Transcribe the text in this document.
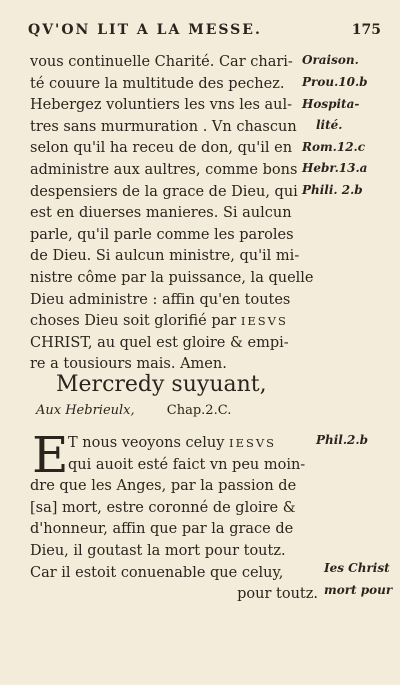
QV'ON LIT A LA MESSE.	175
vous continuelle Charité. Car chari-
té couure la multitude des pechez.
Hebergez voluntiers les vns les aul-
tres sans murmuration . Vn chascun
selon qu'il ha receu de don, qu'il en
administre aux aultres, comme bons
despensiers de la grace de Dieu, qui
est en diuerses manieres. Si aulcun
parle, qu'il parle comme les paroles
de Dieu. Si aulcun ministre, qu'il mi-
nistre côme par la puissance, la quelle
Dieu administre : affin qu'en toutes
choses Dieu soit glorifié par IESVS
CHRIST, au quel est gloire & empi-
re a tousiours mais. Amen.
Oraison.
Prou.10.b
Hospita-
lité.
Rom.12.c
Hebr.13.a
Phili. 2.b
Mercredy suyuant,
Aux Hebrieulx, Chap.2.C.
E T nous veoyons celuy IESVS
qui auoit esté faict vn peu moin-
dre que les Anges, par la passion de
[sa] mort, estre coronné de gloire &
d'honneur, affin que par la grace de
Dieu, il goutast la mort pour toutz.
Car il estoit conuenable que celuy,
pour toutz.
Phil.2.b
Ies Christ
mort pour
